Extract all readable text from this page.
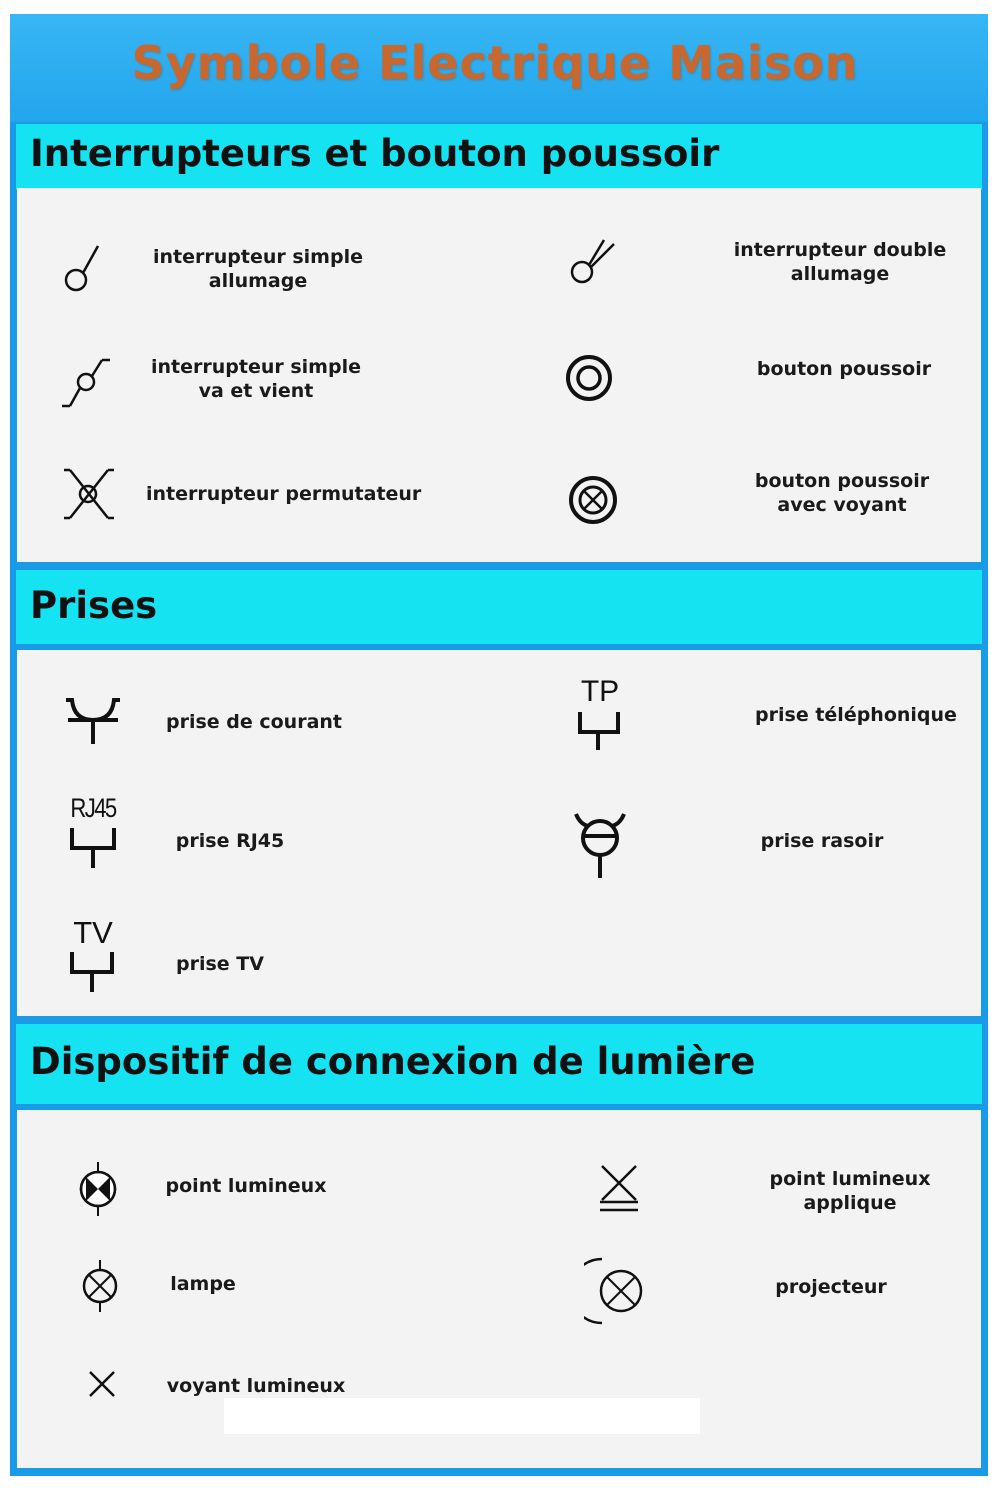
Symbole Electrique Maison
Interrupteurs et bouton poussoir
Prises
Dispositif de connexion de lumière
interrupteur simple
allumage
interrupteur double
allumage
interrupteur simple
va et vient
bouton poussoir
interrupteur permutateur
bouton poussoir
avec voyant
prise de courant
TP
prise téléphonique
RJ45
prise RJ45	prise rasoir
TV
prise TV
point lumineux	point lumineux
applique
lampe	projecteur
voyant lumineux
